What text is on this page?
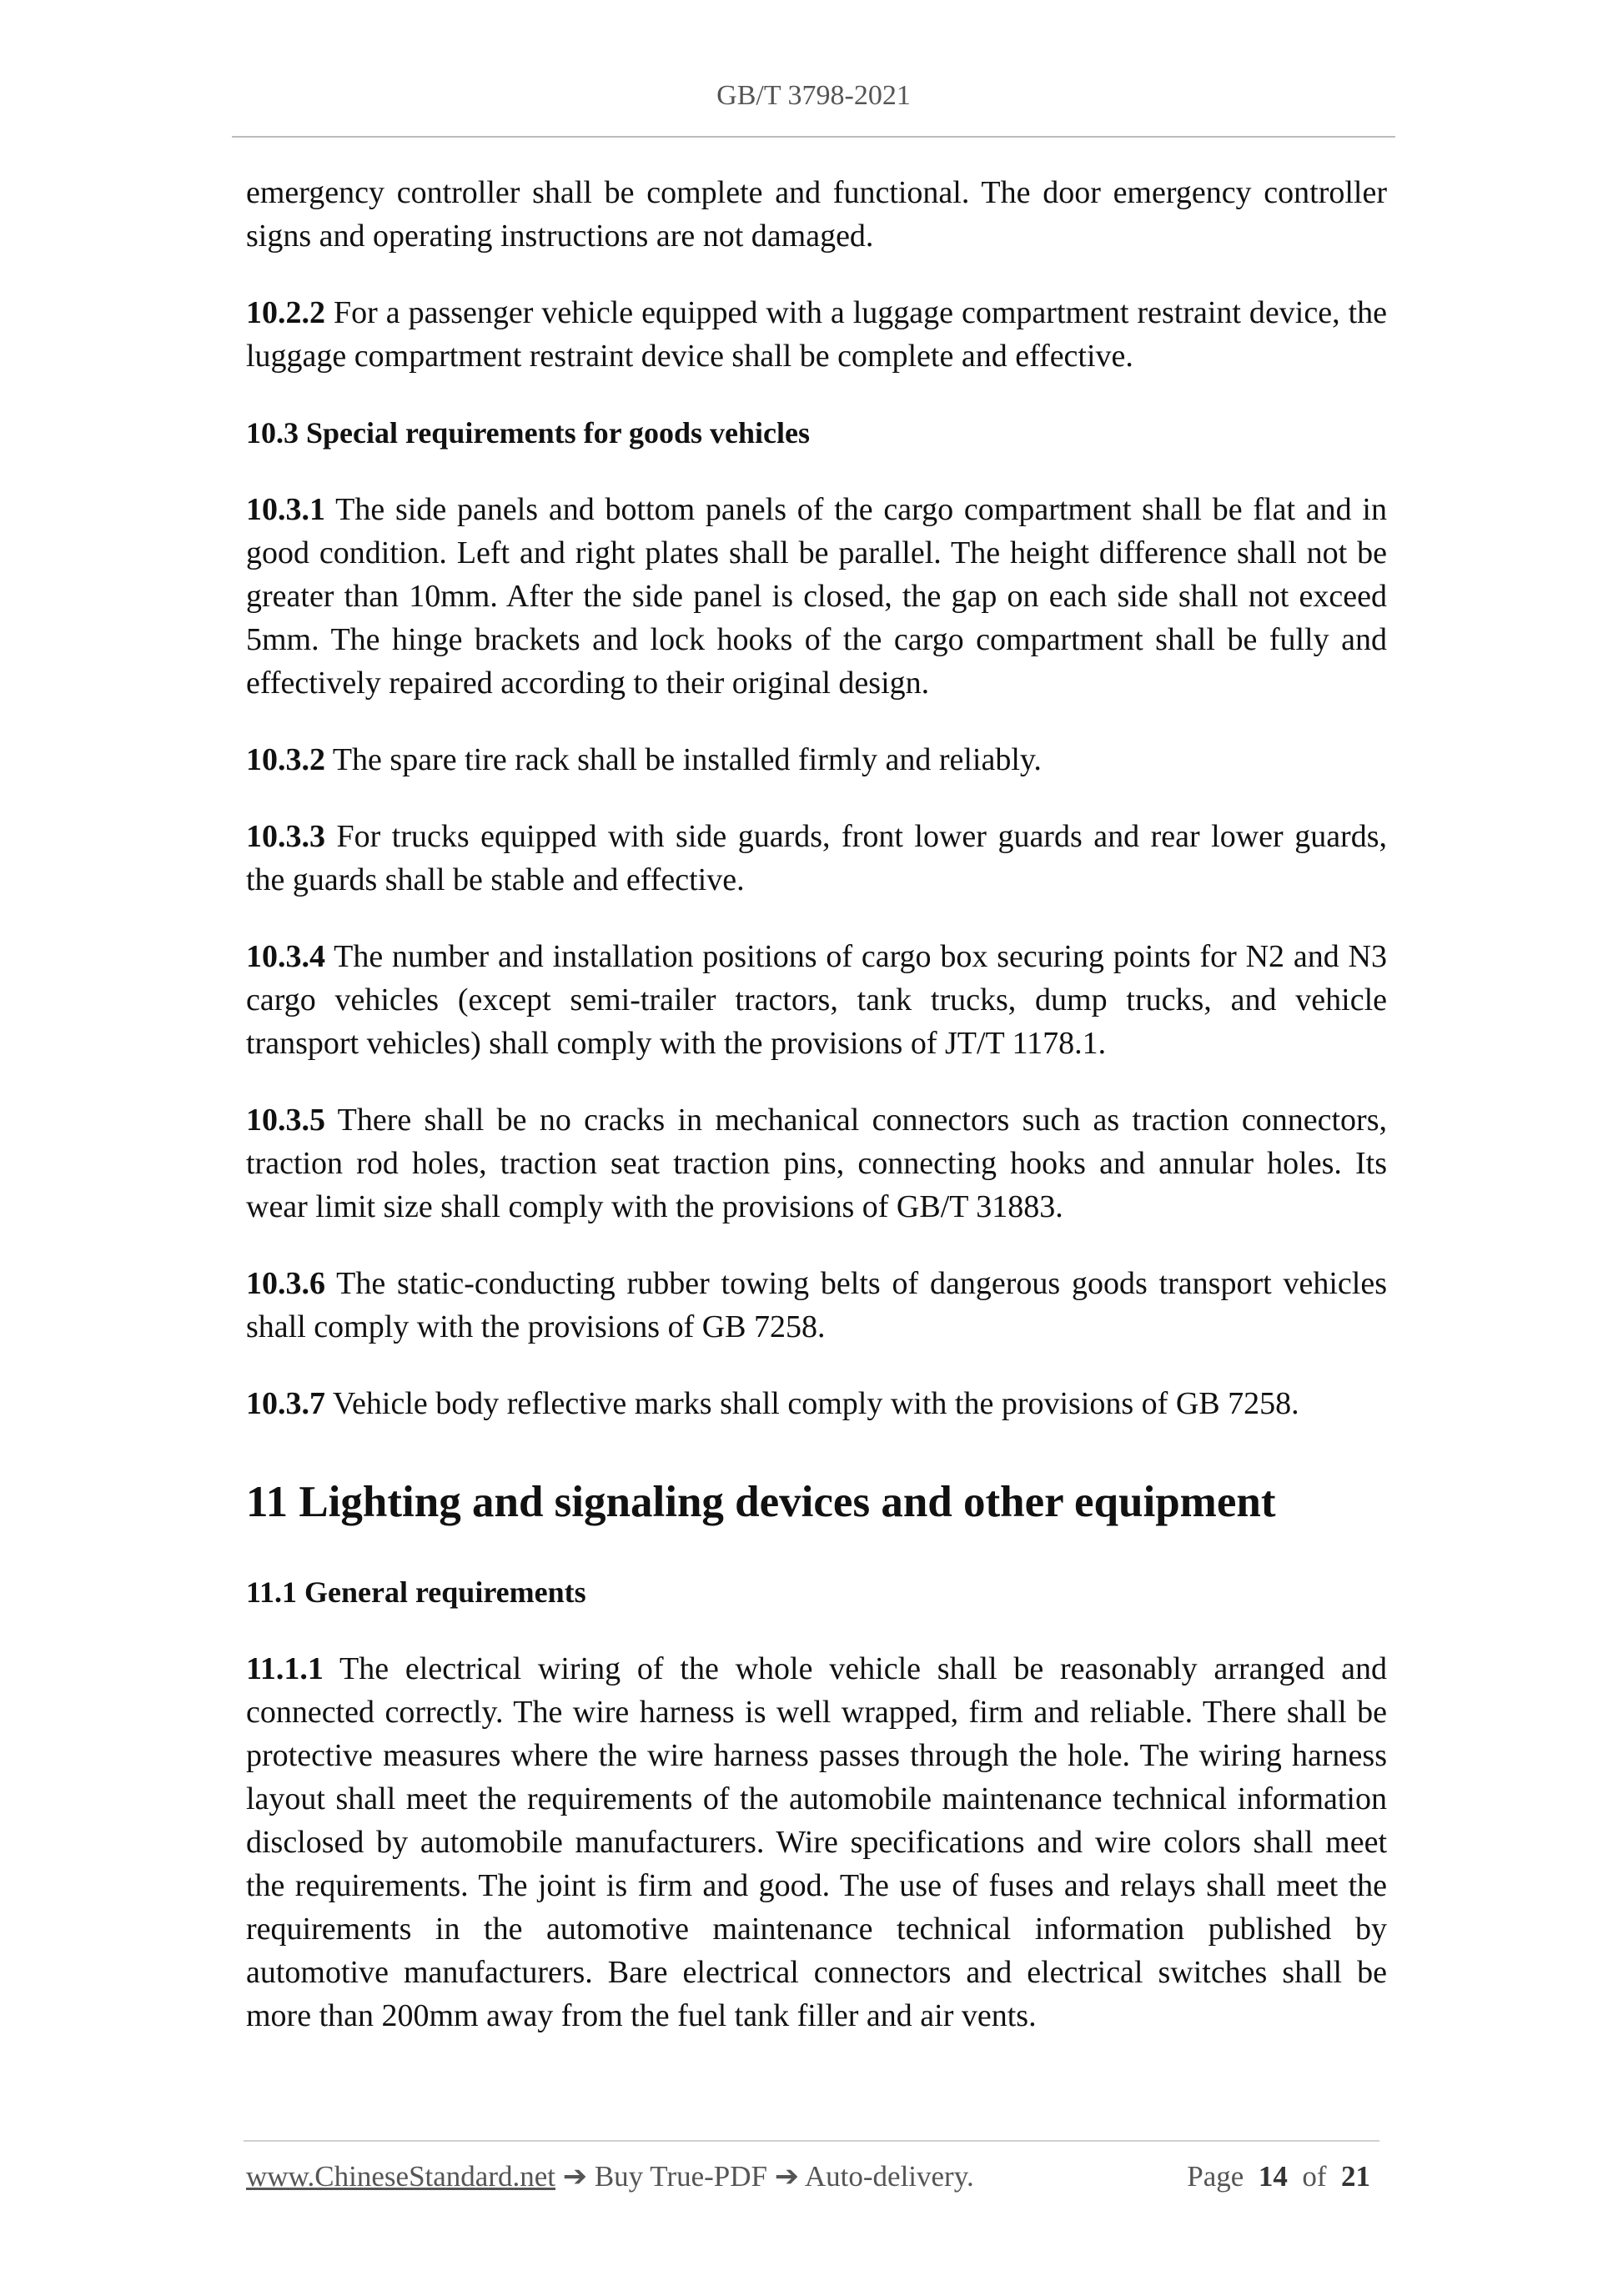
GB/T 3798-2021

emergency controller shall be complete and functional. The door emergency controller signs and operating instructions are not damaged.

10.2.2 For a passenger vehicle equipped with a luggage compartment restraint device, the luggage compartment restraint device shall be complete and effective.

10.3 Special requirements for goods vehicles

10.3.1 The side panels and bottom panels of the cargo compartment shall be flat and in good condition. Left and right plates shall be parallel. The height difference shall not be greater than 10mm. After the side panel is closed, the gap on each side shall not exceed 5mm. The hinge brackets and lock hooks of the cargo compartment shall be fully and effectively repaired according to their original design.

10.3.2 The spare tire rack shall be installed firmly and reliably.

10.3.3 For trucks equipped with side guards, front lower guards and rear lower guards, the guards shall be stable and effective.

10.3.4 The number and installation positions of cargo box securing points for N2 and N3 cargo vehicles (except semi-trailer tractors, tank trucks, dump trucks, and vehicle transport vehicles) shall comply with the provisions of JT/T 1178.1.

10.3.5 There shall be no cracks in mechanical connectors such as traction connectors, traction rod holes, traction seat traction pins, connecting hooks and annular holes. Its wear limit size shall comply with the provisions of GB/T 31883.

10.3.6 The static-conducting rubber towing belts of dangerous goods transport vehicles shall comply with the provisions of GB 7258.

10.3.7 Vehicle body reflective marks shall comply with the provisions of GB 7258.

11 Lighting and signaling devices and other equipment
11.1 General requirements

11.1.1 The electrical wiring of the whole vehicle shall be reasonably arranged and connected correctly. The wire harness is well wrapped, firm and reliable. There shall be protective measures where the wire harness passes through the hole. The wiring harness layout shall meet the requirements of the automobile maintenance technical information disclosed by automobile manufacturers. Wire specifications and wire colors shall meet the requirements. The joint is firm and good. The use of fuses and relays shall meet the requirements in the automotive maintenance technical information published by automotive manufacturers. Bare electrical connectors and electrical switches shall be more than 200mm away from the fuel tank filler and air vents.

www.ChineseStandard.net ➔ Buy True-PDF ➔ Auto-delivery.	Page 14 of 21
